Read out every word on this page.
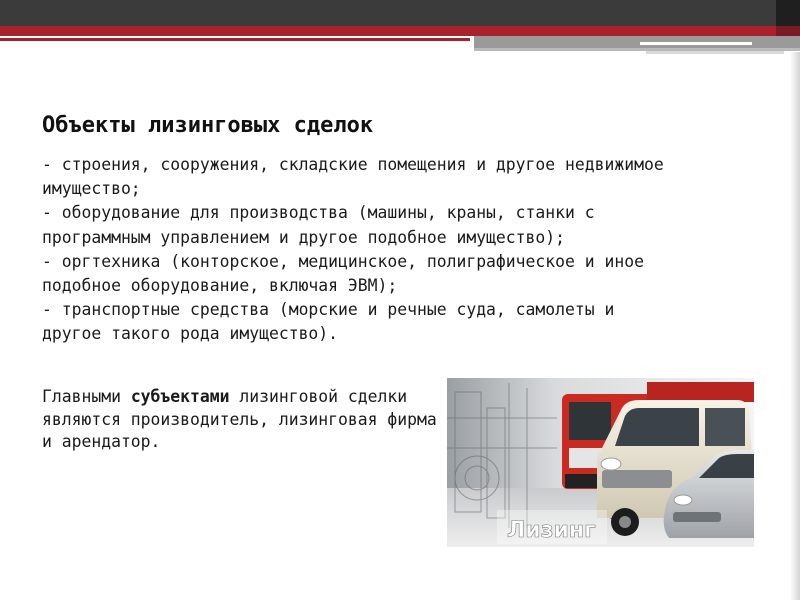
Объекты лизинговых сделок

- строения, сооружения, складские помещения и другое недвижимое имущество;

- оборудование для производства (машины, краны, станки с программным управлением и другое подобное имущество);

- оргтехника (конторское, медицинское, полиграфическое и иное подобное оборудование, включая ЭВМ);

- транспортные средства (морские и речные суда, самолеты и другое такого рода имущество).

Лизинг
Главными субъектами лизинговой сделки являются производитель, лизинговая фирма и арендатор.
